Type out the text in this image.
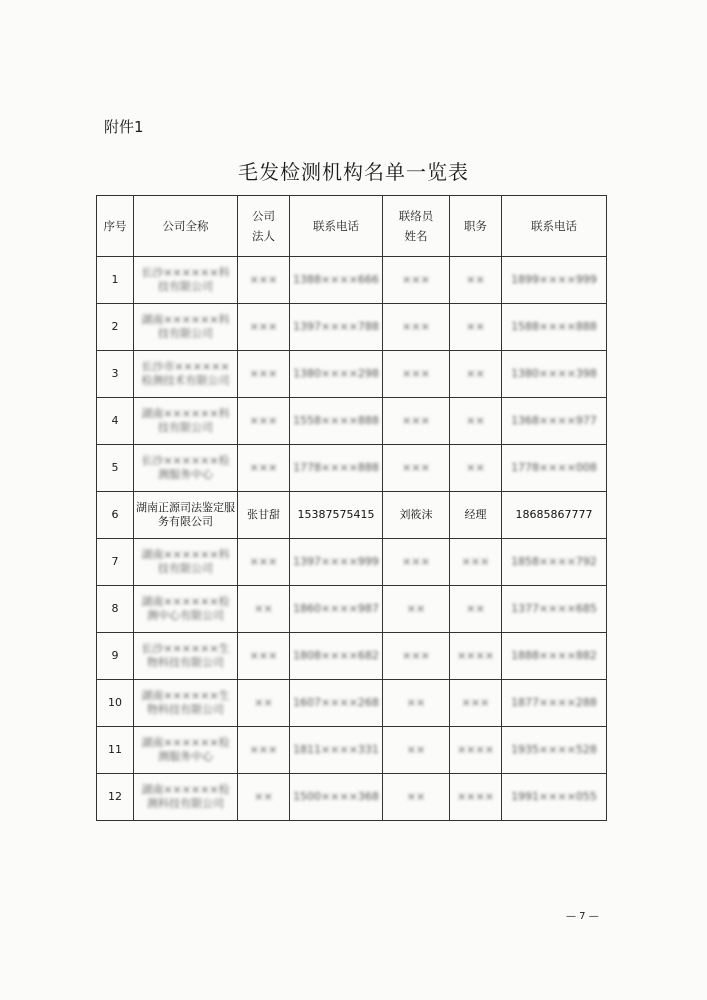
附件1
毛发检测机构名单一览表
序号	公司全称	公司法人	联系电话	联络员姓名	职务	联系电话
1	长沙××××××科技有限公司	×××	1388××××666	×××	××	1899××××999
2	湖南××××××科技有限公司	×××	1397××××788	×××	××	1588××××888
3	长沙市××××××检测技术有限公司	×××	1380××××298	×××	××	1380××××398
4	湖南××××××科技有限公司	×××	1558××××888	×××	××	1368××××977
5	长沙××××××检测服务中心	×××	1778××××888	×××	××	1778××××008
6	湖南正源司法鉴定服务有限公司	张甘甜	15387575415	刘筱沫	经理	18685867777
7	湖南××××××科技有限公司	×××	1397××××999	×××	×××	1858××××792
8	湖南××××××检测中心有限公司	××	1860××××987	××	××	1377××××685
9	长沙××××××生物科技有限公司	×××	1808××××682	×××	××××	1888××××882
10	湖南××××××生物科技有限公司	××	1607××××268	××	×××	1877××××288
11	湖南××××××检测服务中心	×××	1811××××331	××	××××	1935××××528
12	湖南××××××检测科技有限公司	××	1500××××368	××	××××	1991××××055
— 7 —
